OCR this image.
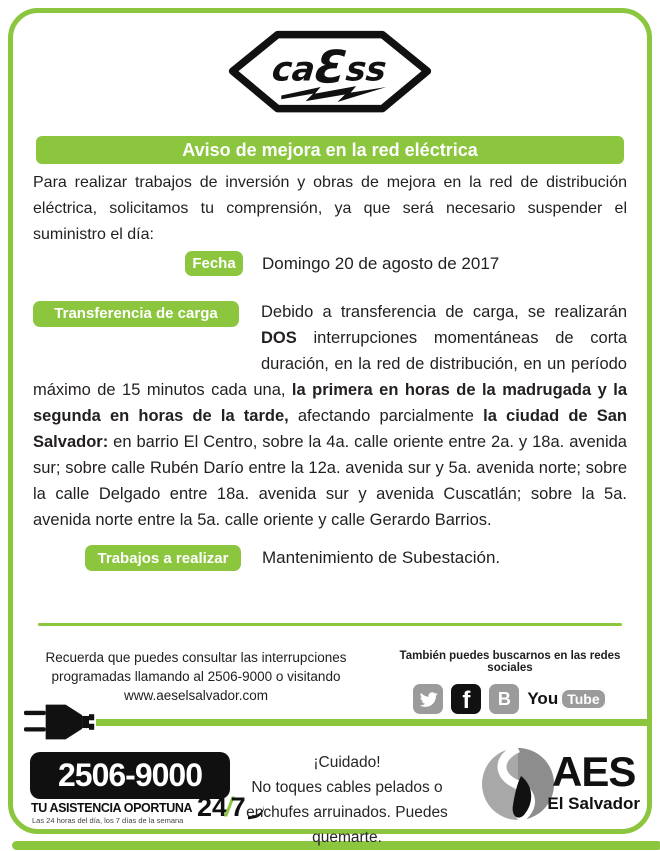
caƐss
Aviso de mejora en la red eléctrica

Para realizar trabajos de inversión y obras de mejora en la red de distribución eléctrica, solicitamos tu comprensión, ya que será necesario suspender el suministro el día:

Fecha Domingo 20 de agosto de 2017
Transferencia de carga	Debido a transferencia de carga, se realizarán DOS interrupciones momentáneas de corta duración, en la red de distribución, en un período máximo de 15 minutos cada una, la primera en horas de la madrugada y la segunda en horas de la tarde, afectando parcialmente la ciudad de San Salvador: en barrio El Centro, sobre la 4a. calle oriente entre 2a. y 18a. avenida sur; sobre calle Rubén Darío entre la 12a. avenida sur y 5a. avenida norte; sobre la calle Delgado entre 18a. avenida sur y avenida Cuscatlán; sobre la 5a. avenida norte entre la 5a. calle oriente y calle Gerardo Barrios.
Trabajos a realizar Mantenimiento de Subestación.
Recuerda que puedes consultar las interrupciones
programadas llamando al 2506-9000 o visitando
www.aeselsalvador.com
También puedes buscarnos en las redes sociales
f B You Tube
2506-9000
TU ASISTENCIA OPORTUNA
Las 24 horas del día, los 7 días de la semana 24
/
7
¡Cuidado!
No toques cables pelados o
enchufes arruinados. Puedes
quemarte.
AES
El Salvador
